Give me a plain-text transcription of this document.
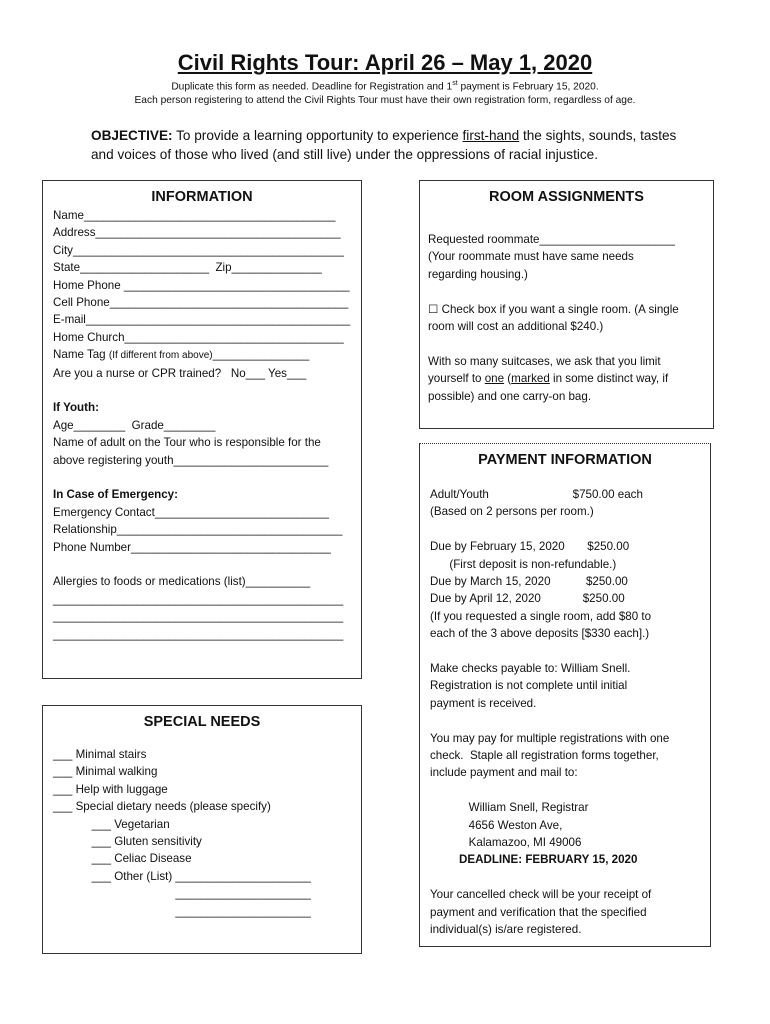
Civil Rights Tour: April 26 – May 1, 2020
Duplicate this form as needed. Deadline for Registration and 1st payment is February 15, 2020.
Each person registering to attend the Civil Rights Tour must have their own registration form, regardless of age.
OBJECTIVE: To provide a learning opportunity to experience first-hand the sights, sounds, tastes and voices of those who lived (and still live) under the oppressions of racial injustice.
INFORMATION
Name_______________________________________
Address______________________________________
City__________________________________________
State____________________  Zip______________
Home Phone ___________________________________
Cell Phone_____________________________________
E-mail_________________________________________
Home Church__________________________________
Name Tag (If different from above)_______________
Are you a nurse or CPR trained?   No___ Yes___
If Youth:
Age________  Grade________
Name of adult on the Tour who is responsible for the
above registering youth________________________
In Case of Emergency:
Emergency Contact___________________________
Relationship___________________________________
Phone Number_______________________________
Allergies to foods or medications (list)__________
_____________________________________________
_____________________________________________
_____________________________________________
ROOM ASSIGNMENTS
Requested roommate_____________________
(Your roommate must have same needs
regarding housing.)
☐ Check box if you want a single room. (A single
room will cost an additional $240.)
With so many suitcases, we ask that you limit
yourself to one (marked in some distinct way, if
possible) and one carry-on bag.
PAYMENT INFORMATION
Adult/Youth                          $750.00 each
(Based on 2 persons per room.)
Due by February 15, 2020       $250.00
(First deposit is non-refundable.)
Due by March 15, 2020           $250.00
Due by April 12, 2020             $250.00
(If you requested a single room, add $80 to
each of the 3 above deposits [$330 each].)
Make checks payable to: William Snell.
Registration is not complete until initial
payment is received.
You may pay for multiple registrations with one
check.  Staple all registration forms together,
include payment and mail to:
William Snell, Registrar
4656 Weston Ave,
Kalamazoo, MI 49006
DEADLINE: FEBRUARY 15, 2020
Your cancelled check will be your receipt of
payment and verification that the specified
individual(s) is/are registered.
SPECIAL NEEDS
___ Minimal stairs
___ Minimal walking
___ Help with luggage
___ Special dietary needs (please specify)
___ Vegetarian
___ Gluten sensitivity
___ Celiac Disease
___ Other (List) _____________________
_____________________
_____________________
